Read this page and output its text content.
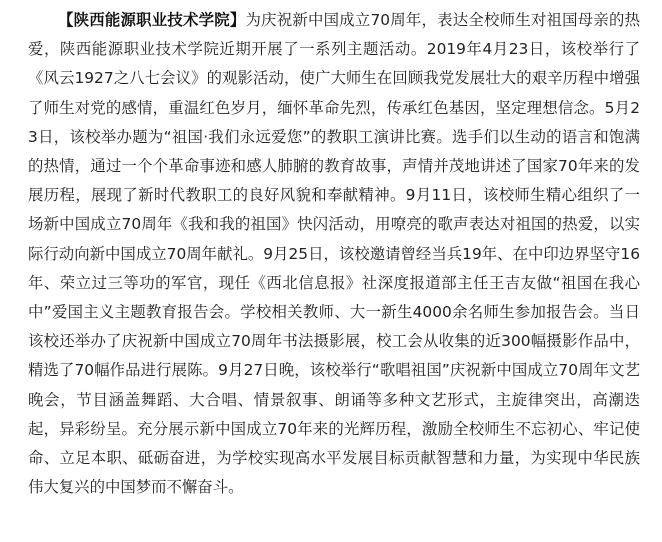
【陕西能源职业技术学院】为庆祝新中国成立70周年，表达全校师生对祖国母亲的热爱，陕西能源职业技术学院近期开展了一系列主题活动。2019年4月23日，该校举行了《风云1927之八七会议》的观影活动，使广大师生在回顾我党发展壮大的艰辛历程中增强了师生对党的感情，重温红色岁月，缅怀革命先烈，传承红色基因，坚定理想信念。5月23日，该校举办题为“祖国·我们永远爱您”的教职工演讲比赛。选手们以生动的语言和饱满的热情，通过一个个革命事迹和感人肺腑的教育故事，声情并茂地讲述了国家70年来的发展历程，展现了新时代教职工的良好风貌和奉献精神。9月11日，该校师生精心组织了一场新中国成立70周年《我和我的祖国》快闪活动，用嘹亮的歌声表达对祖国的热爱，以实际行动向新中国成立70周年献礼。9月25日，该校邀请曾经当兵19年、在中印边界坚守16年、荣立过三等功的军官，现任《西北信息报》社深度报道部主任王吉友做“祖国在我心中”爱国主义主题教育报告会。学校相关教师、大一新生4000余名师生参加报告会。当日该校还举办了庆祝新中国成立70周年书法摄影展，校工会从收集的近300幅摄影作品中，精选了70幅作品进行展陈。9月27日晚，该校举行“歌唱祖国”庆祝新中国成立70周年文艺晚会，节目涵盖舞蹈、大合唱、情景叙事、朗诵等多种文艺形式，主旋律突出，高潮迭起，异彩纷呈。充分展示新中国成立70年来的光辉历程，激励全校师生不忘初心、牢记使命、立足本职、砥砺奋进，为学校实现高水平发展目标贡献智慧和力量，为实现中华民族伟大复兴的中国梦而不懈奋斗。
